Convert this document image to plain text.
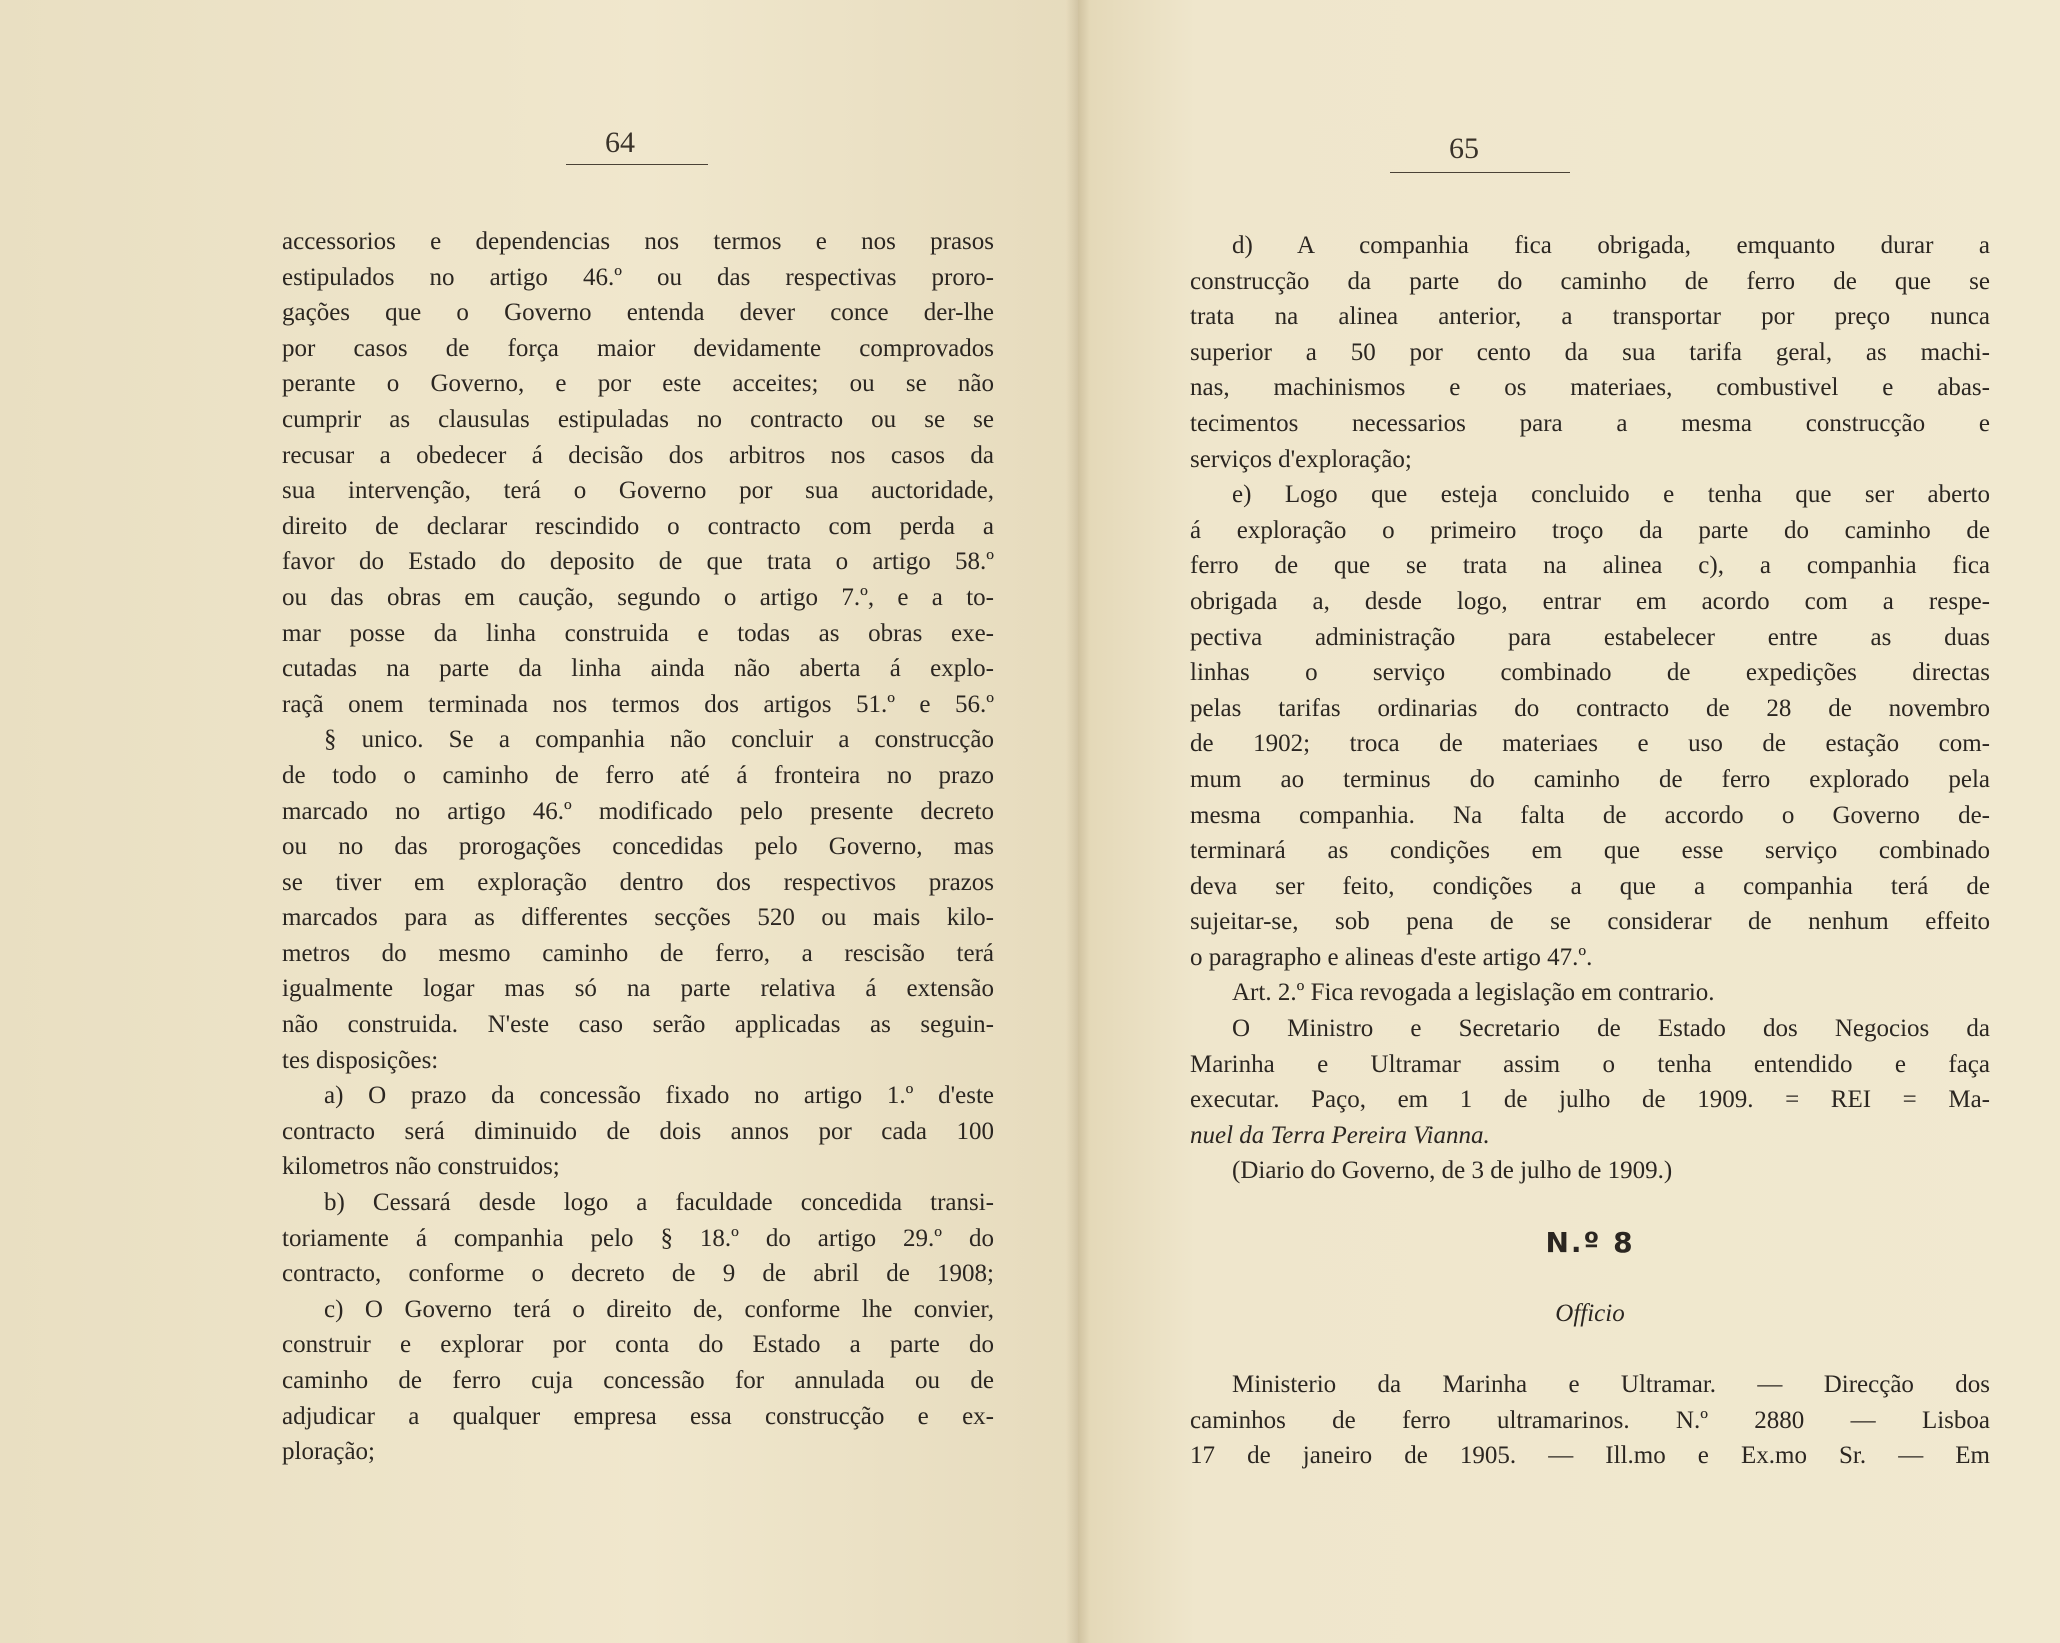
64
accessorios e dependencias nos termos e nos prasos
estipulados no artigo 46.º ou das respectivas proro-
gações que o Governo entenda dever conce der-lhe
por casos de força maior devidamente comprovados
perante o Governo, e por este acceites; ou se não
cumprir as clausulas estipuladas no contracto ou se se
recusar a obedecer á decisão dos arbitros nos casos da
sua intervenção, terá o Governo por sua auctoridade,
direito de declarar rescindido o contracto com perda a
favor do Estado do deposito de que trata o artigo 58.º
ou das obras em caução, segundo o artigo 7.º, e a to-
mar posse da linha construida e todas as obras exe-
cutadas na parte da linha ainda não aberta á explo-
raçã onem terminada nos termos dos artigos 51.º e 56.º
§ unico. Se a companhia não concluir a construcção
de todo o caminho de ferro até á fronteira no prazo
marcado no artigo 46.º modificado pelo presente decreto
ou no das prorogações concedidas pelo Governo, mas
se tiver em exploração dentro dos respectivos prazos
marcados para as differentes secções 520 ou mais kilo-
metros do mesmo caminho de ferro, a rescisão terá
igualmente logar mas só na parte relativa á extensão
não construida. N'este caso serão applicadas as seguin-
tes disposições:
a) O prazo da concessão fixado no artigo 1.º d'este
contracto será diminuido de dois annos por cada 100
kilometros não construidos;
b) Cessará desde logo a faculdade concedida transi-
toriamente á companhia pelo § 18.º do artigo 29.º do
contracto, conforme o decreto de 9 de abril de 1908;
c) O Governo terá o direito de, conforme lhe convier,
construir e explorar por conta do Estado a parte do
caminho de ferro cuja concessão for annulada ou de
adjudicar a qualquer empresa essa construcção e ex-
ploração;
65
d) A companhia fica obrigada, emquanto durar a
construcção da parte do caminho de ferro de que se
trata na alinea anterior, a transportar por preço nunca
superior a 50 por cento da sua tarifa geral, as machi-
nas, machinismos e os materiaes, combustivel e abas-
tecimentos necessarios para a mesma construcção e
serviços d'exploração;
e) Logo que esteja concluido e tenha que ser aberto
á exploração o primeiro troço da parte do caminho de
ferro de que se trata na alinea c), a companhia fica
obrigada a, desde logo, entrar em acordo com a respe-
pectiva administração para estabelecer entre as duas
linhas o serviço combinado de expedições directas
pelas tarifas ordinarias do contracto de 28 de novembro
de 1902; troca de materiaes e uso de estação com-
mum ao terminus do caminho de ferro explorado pela
mesma companhia. Na falta de accordo o Governo de-
terminará as condições em que esse serviço combinado
deva ser feito, condições a que a companhia terá de
sujeitar-se, sob pena de se considerar de nenhum effeito
o paragrapho e alineas d'este artigo 47.º.
Art. 2.º Fica revogada a legislação em contrario.
O Ministro e Secretario de Estado dos Negocios da
Marinha e Ultramar assim o tenha entendido e faça
executar. Paço, em 1 de julho de 1909. = REI = Ma-
nuel da Terra Pereira Vianna.
(Diario do Governo, de 3 de julho de 1909.)
N.º 8
Officio
Ministerio da Marinha e Ultramar. — Direcção dos
caminhos de ferro ultramarinos. N.º 2880 — Lisboa
17 de janeiro de 1905. — Ill.mo e Ex.mo Sr. — Em
